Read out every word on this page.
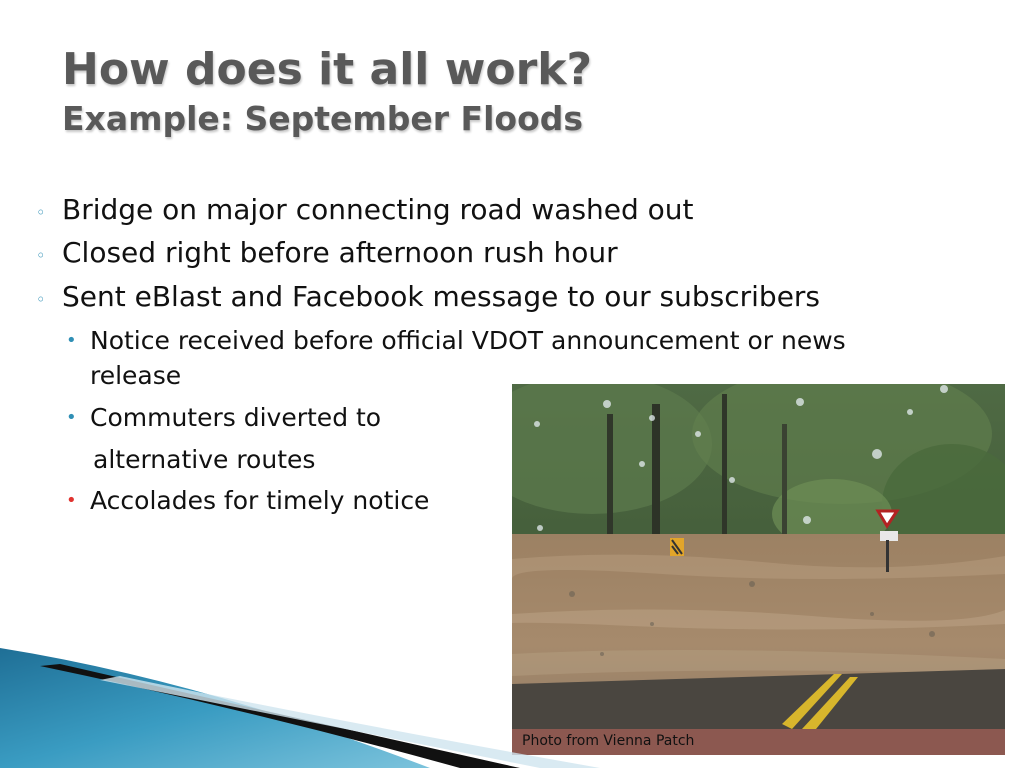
How does it all work?
Example: September Floods
◦ Bridge on major connecting road washed out
◦ Closed right before afternoon rush hour
◦ Sent eBlast and Facebook message to our subscribers
• Notice received before official VDOT announcement or news
release
• Commuters diverted to
alternative routes
• Accolades for timely notice
Photo from Vienna Patch
